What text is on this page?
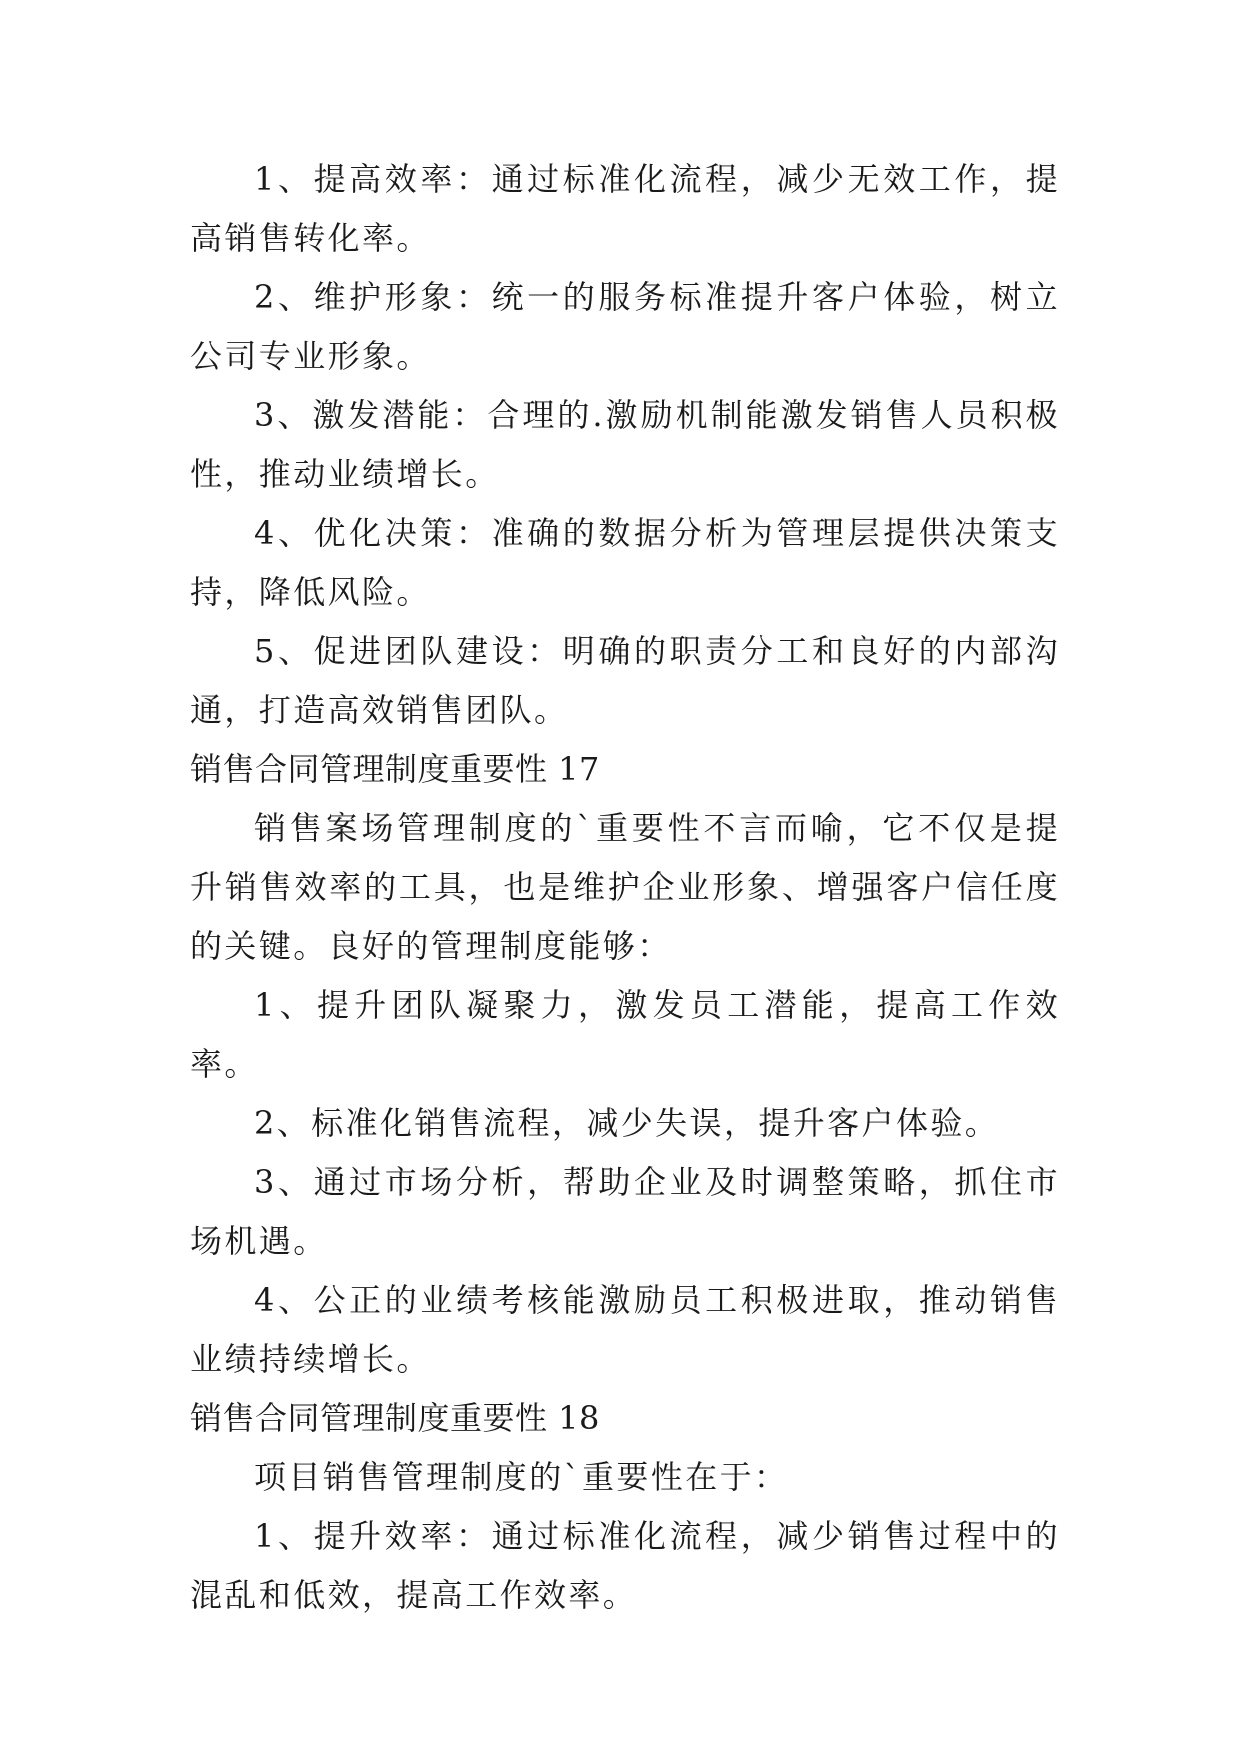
1、提高效率：通过标准化流程，减少无效工作，提高销售转化率。

2、维护形象：统一的服务标准提升客户体验，树立公司专业形象。

3、激发潜能：合理的.激励机制能激发销售人员积极性，推动业绩增长。

4、优化决策：准确的数据分析为管理层提供决策支持，降低风险。

5、促进团队建设：明确的职责分工和良好的内部沟通，打造高效销售团队。

销售合同管理制度重要性 17

销售案场管理制度的`重要性不言而喻，它不仅是提升销售效率的工具，也是维护企业形象、增强客户信任度的关键。良好的管理制度能够：

1、提升团队凝聚力，激发员工潜能，提高工作效率。

2、标准化销售流程，减少失误，提升客户体验。

3、通过市场分析，帮助企业及时调整策略，抓住市场机遇。

4、公正的业绩考核能激励员工积极进取，推动销售业绩持续增长。

销售合同管理制度重要性 18

项目销售管理制度的`重要性在于：

1、提升效率：通过标准化流程，减少销售过程中的混乱和低效，提高工作效率。
